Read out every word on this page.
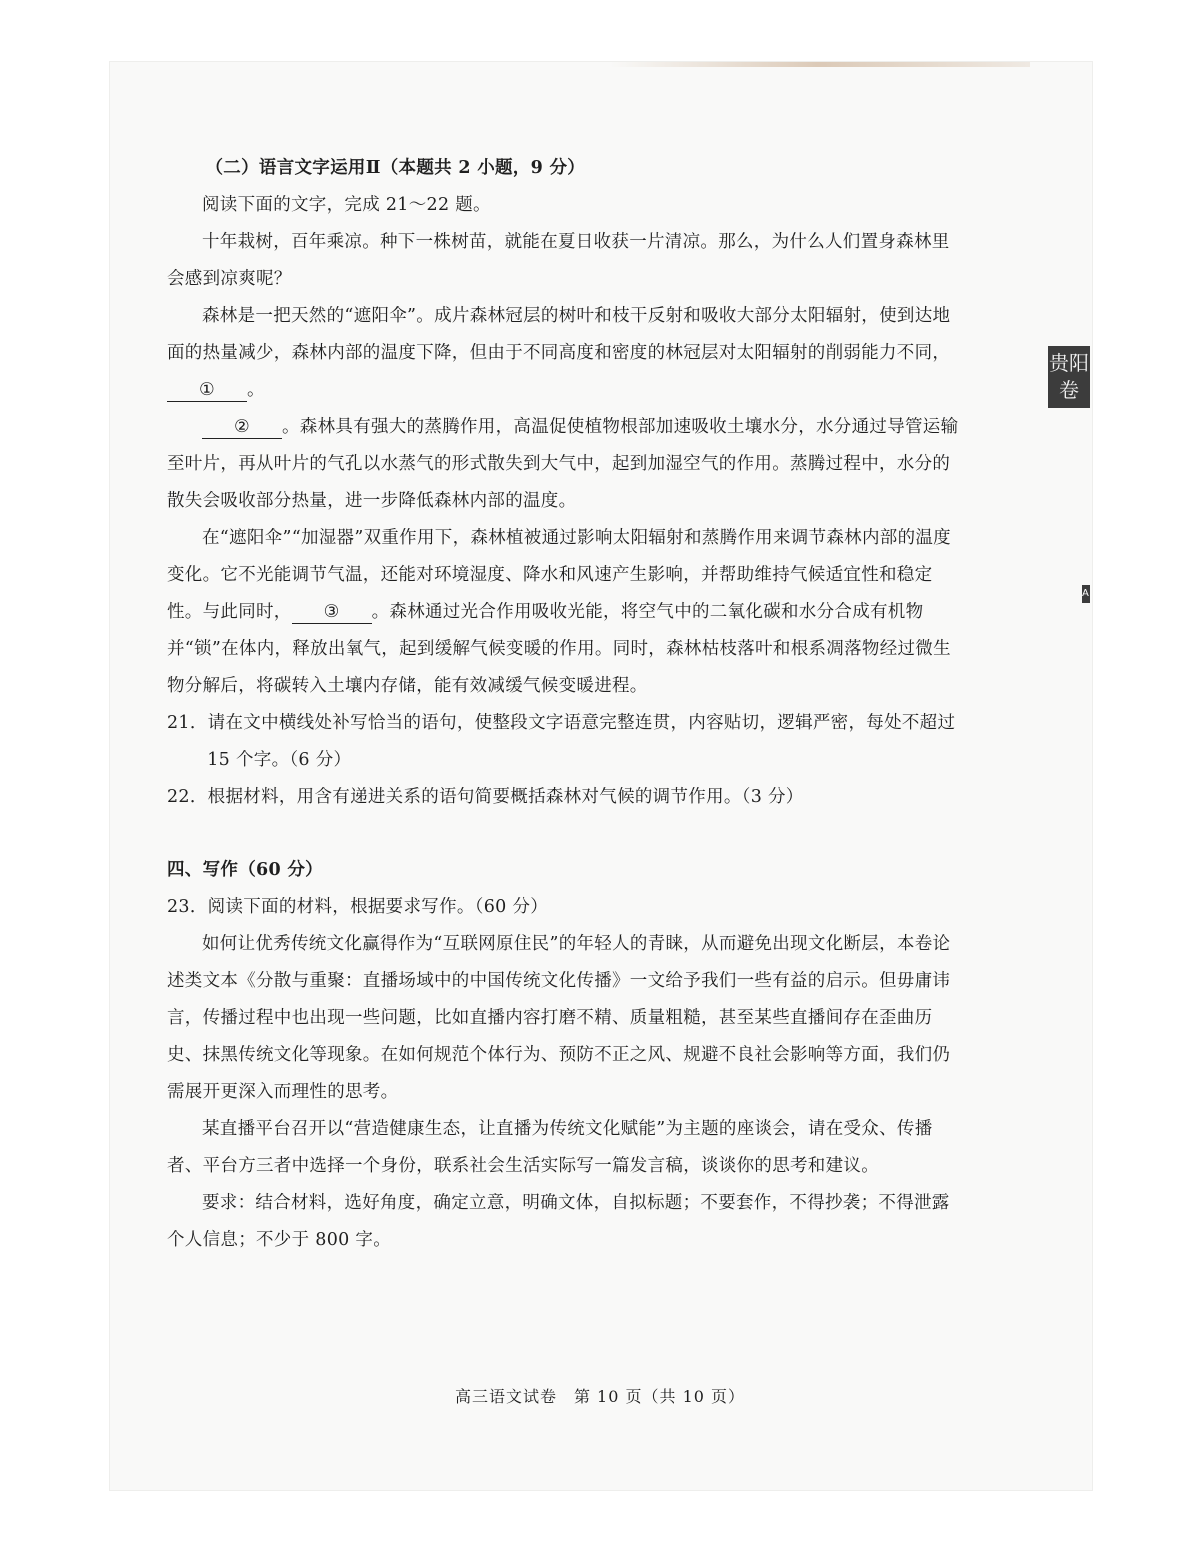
贵阳
卷
A

（二）语言文字运用Ⅱ（本题共 2 小题，9 分）

阅读下面的文字，完成 21～22 题。

十年栽树，百年乘凉。种下一株树苗，就能在夏日收获一片清凉。那么，为什么人们置身森林里会感到凉爽呢？

森林是一把天然的“遮阳伞”。成片森林冠层的树叶和枝干反射和吸收大部分太阳辐射，使到达地面的热量减少，森林内部的温度下降，但由于不同高度和密度的林冠层对太阳辐射的削弱能力不同，① 。

② 。森林具有强大的蒸腾作用，高温促使植物根部加速吸收土壤水分，水分通过导管运输至叶片，再从叶片的气孔以水蒸气的形式散失到大气中，起到加湿空气的作用。蒸腾过程中，水分的散失会吸收部分热量，进一步降低森林内部的温度。

在“遮阳伞”“加湿器”双重作用下，森林植被通过影响太阳辐射和蒸腾作用来调节森林内部的温度变化。它不光能调节气温，还能对环境湿度、降水和风速产生影响，并帮助维持气候适宜性和稳定性。与此同时， ③ 。森林通过光合作用吸收光能，将空气中的二氧化碳和水分合成有机物并“锁”在体内，释放出氧气，起到缓解气候变暖的作用。同时，森林枯枝落叶和根系凋落物经过微生物分解后，将碳转入土壤内存储，能有效减缓气候变暖进程。

21．请在文中横线处补写恰当的语句，使整段文字语意完整连贯，内容贴切，逻辑严密，每处不超过 15 个字。（6 分）

22．根据材料，用含有递进关系的语句简要概括森林对气候的调节作用。（3 分）

四、写作（60 分）

23．阅读下面的材料，根据要求写作。（60 分）

如何让优秀传统文化赢得作为“互联网原住民”的年轻人的青睐，从而避免出现文化断层，本卷论述类文本《分散与重聚：直播场域中的中国传统文化传播》一文给予我们一些有益的启示。但毋庸讳言，传播过程中也出现一些问题，比如直播内容打磨不精、质量粗糙，甚至某些直播间存在歪曲历史、抹黑传统文化等现象。在如何规范个体行为、预防不正之风、规避不良社会影响等方面，我们仍需展开更深入而理性的思考。

某直播平台召开以“营造健康生态，让直播为传统文化赋能”为主题的座谈会，请在受众、传播者、平台方三者中选择一个身份，联系社会生活实际写一篇发言稿，谈谈你的思考和建议。

要求：结合材料，选好角度，确定立意，明确文体，自拟标题；不要套作，不得抄袭；不得泄露个人信息；不少于 800 字。

高三语文试卷　第 10 页（共 10 页）
